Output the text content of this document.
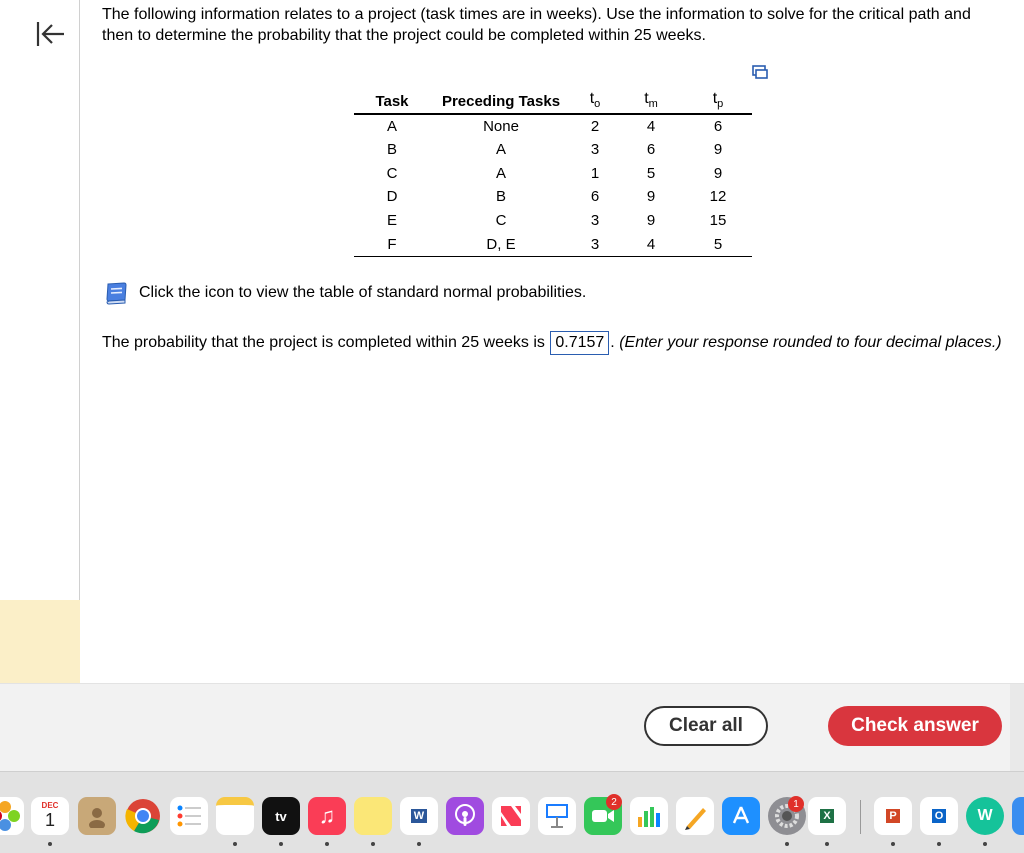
The following information relates to a project (task times are in weeks). Use the information to solve for the critical path and then to determine the probability that the project could be completed within 25 weeks.

Task	Preceding Tasks	$t_o$	$t_m$	$t_p$
A	None	2	4	6
B	A	3	6	9
C	A	1	5	9
D	B	6	9	12
E	C	3	9	15
F	D, E	3	4	5
Click the icon to view the table of standard normal probabilities.
The probability that the project is completed within 25 weeks is 0.7157 . (Enter your response rounded to four decimal places.)
Clear all	Check answer
DEC
1	tv	♫	W
2	1
X	P	O W
